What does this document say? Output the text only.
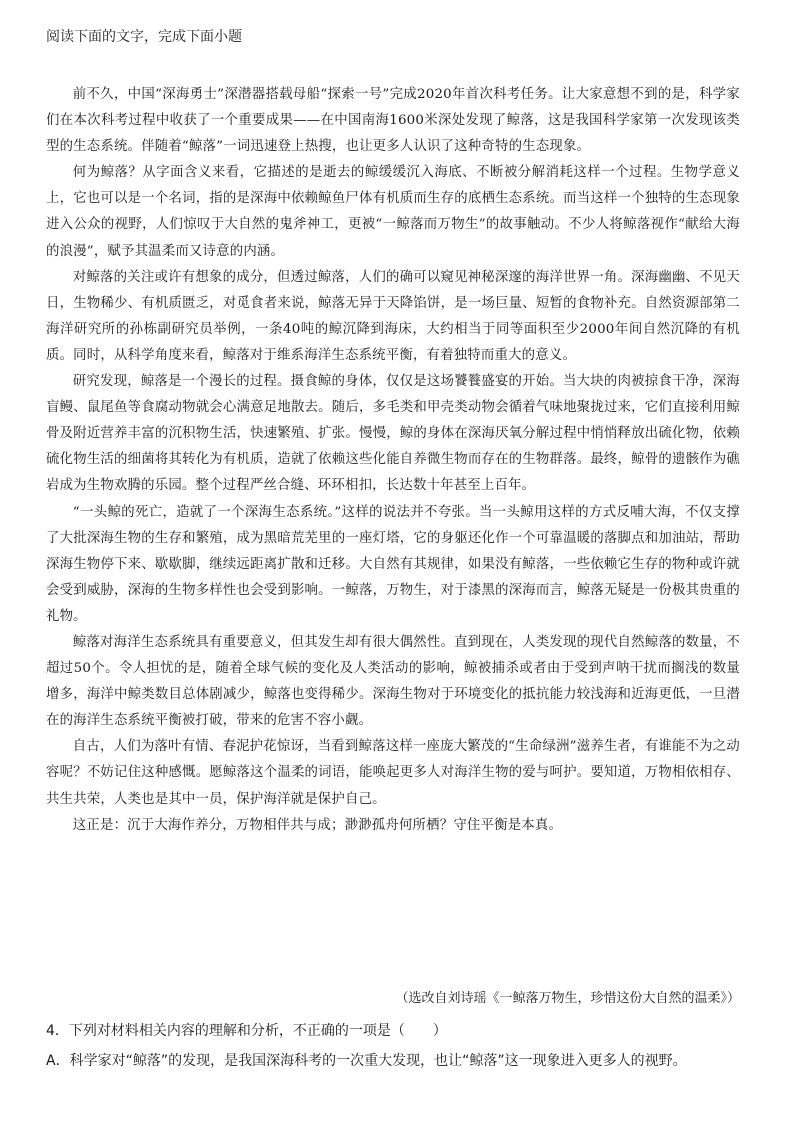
阅读下面的文字，完成下面小题

前不久，中国“深海勇士”深潜器搭载母船“探索一号”完成2020年首次科考任务。让大家意想不到的是，科学家们在本次科考过程中收获了一个重要成果——在中国南海1600米深处发现了鲸落，这是我国科学家第一次发现该类型的生态系统。伴随着“鲸落”一词迅速登上热搜，也让更多人认识了这种奇特的生态现象。

何为鲸落？从字面含义来看，它描述的是逝去的鲸缓缓沉入海底、不断被分解消耗这样一个过程。生物学意义上，它也可以是一个名词，指的是深海中依赖鲸鱼尸体有机质而生存的底栖生态系统。而当这样一个独特的生态现象进入公众的视野，人们惊叹于大自然的鬼斧神工，更被“一鲸落而万物生”的故事触动。不少人将鲸落视作“献给大海的浪漫”，赋予其温柔而又诗意的内涵。

对鲸落的关注或许有想象的成分，但透过鲸落，人们的确可以窥见神秘深邃的海洋世界一角。深海幽幽、不见天日，生物稀少、有机质匮乏，对觅食者来说，鲸落无异于天降馅饼，是一场巨量、短暂的食物补充。自然资源部第二海洋研究所的孙栋副研究员举例，一条40吨的鲸沉降到海床，大约相当于同等面积至少2000年间自然沉降的有机质。同时，从科学角度来看，鲸落对于维系海洋生态系统平衡，有着独特而重大的意义。

研究发现，鲸落是一个漫长的过程。摄食鲸的身体，仅仅是这场饕餮盛宴的开始。当大块的肉被掠食干净，深海盲鳗、鼠尾鱼等食腐动物就会心满意足地散去。随后，多毛类和甲壳类动物会循着气味地聚拢过来，它们直接利用鲸骨及附近营养丰富的沉积物生活，快速繁殖、扩张。慢慢，鲸的身体在深海厌氧分解过程中悄悄释放出硫化物，依赖硫化物生活的细菌将其转化为有机质，造就了依赖这些化能自养微生物而存在的生物群落。最终，鲸骨的遗骸作为礁岩成为生物欢腾的乐园。整个过程严丝合缝、环环相扣，长达数十年甚至上百年。

“一头鲸的死亡，造就了一个深海生态系统。”这样的说法并不夸张。当一头鲸用这样的方式反哺大海，不仅支撑了大批深海生物的生存和繁殖，成为黑暗荒芜里的一座灯塔，它的身躯还化作一个可靠温暖的落脚点和加油站，帮助深海生物停下来、歇歇脚，继续远距离扩散和迁移。大自然有其规律，如果没有鲸落，一些依赖它生存的物种或许就会受到威胁，深海的生物多样性也会受到影响。一鲸落，万物生，对于漆黑的深海而言，鲸落无疑是一份极其贵重的礼物。

鲸落对海洋生态系统具有重要意义，但其发生却有很大偶然性。直到现在，人类发现的现代自然鲸落的数量，不超过50个。令人担忧的是，随着全球气候的变化及人类活动的影响，鲸被捕杀或者由于受到声呐干扰而搁浅的数量增多，海洋中鲸类数目总体剧减少，鲸落也变得稀少。深海生物对于环境变化的抵抗能力较浅海和近海更低，一旦潜在的海洋生态系统平衡被打破，带来的危害不容小觑。

自古，人们为落叶有情、春泥护花惊讶，当看到鲸落这样一座庞大繁茂的“生命绿洲”滋养生者，有谁能不为之动容呢？不妨记住这种感慨。愿鲸落这个温柔的词语，能唤起更多人对海洋生物的爱与呵护。要知道，万物相依相存、共生共荣，人类也是其中一员，保护海洋就是保护自己。

这正是：沉于大海作养分，万物相伴共与成；渺渺孤舟何所栖？守住平衡是本真。

（选改自刘诗瑶《一鲸落万物生，珍惜这份大自然的温柔》）
4．下列对材料相关内容的理解和分析，不正确的一项是（　　）
A．科学家对“鲸落”的发现，是我国深海科考的一次重大发现，也让“鲸落”这一现象进入更多人的视野。
